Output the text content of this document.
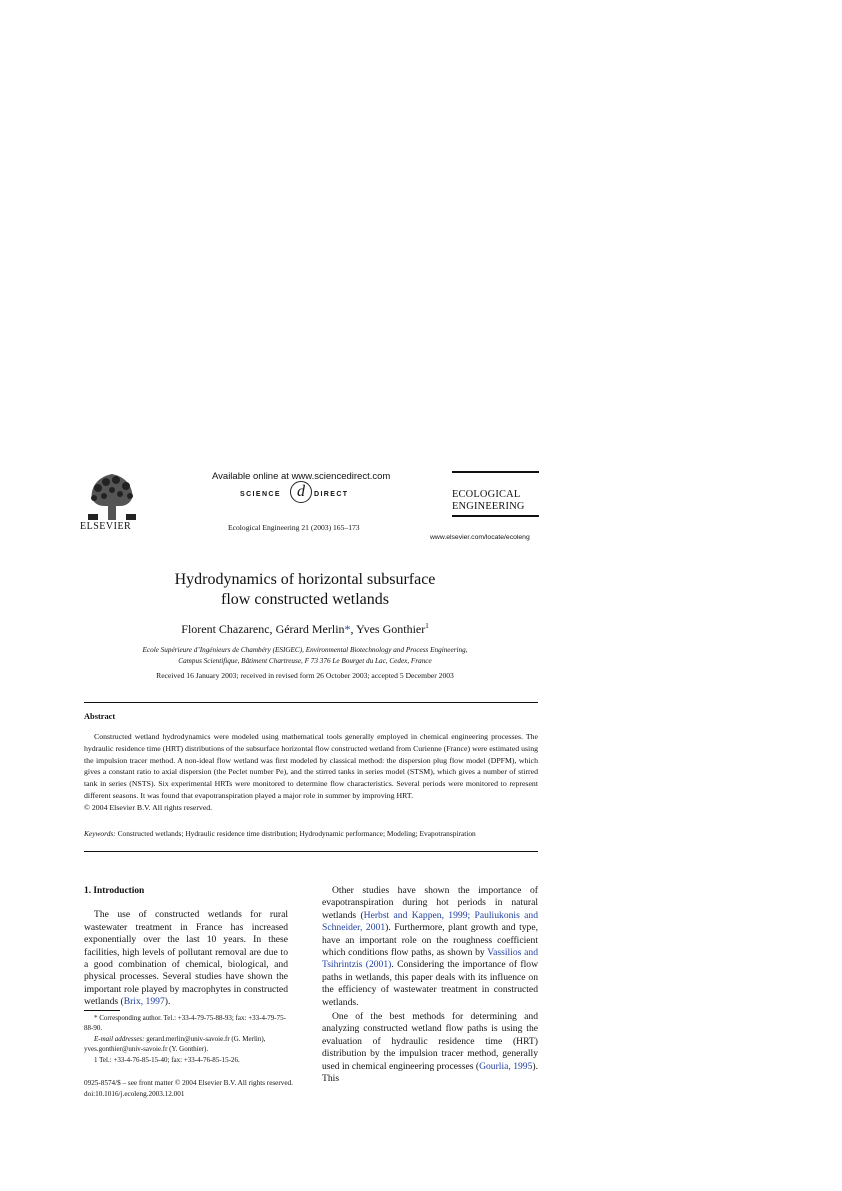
ELSEVIER
Available online at www.sciencedirect.com
SCIENCE	d	DIRECT
Ecological Engineering 21 (2003) 165–173
ECOLOGICAL
ENGINEERING
www.elsevier.com/locate/ecoleng
Hydrodynamics of horizontal subsurface
flow constructed wetlands
Florent Chazarenc, Gérard Merlin*, Yves Gonthier$^1$
Ecole Supérieure d’Ingénieurs de Chambéry (ESIGEC), Environmental Biotechnology and Process Engineering,
Campus Scientifique, Bâtiment Chartreuse, F 73 376 Le Bourget du Lac, Cedex, France
Received 16 January 2003; received in revised form 26 October 2003; accepted 5 December 2003
Abstract
Constructed wetland hydrodynamics were modeled using mathematical tools generally employed in chemical engineering processes. The hydraulic residence time (HRT) distributions of the subsurface horizontal flow constructed wetland from Curienne (France) were estimated using the impulsion tracer method. A non-ideal flow wetland was first modeled by classical method: the dispersion plug flow model (DPFM), which gives a constant ratio to axial dispersion (the Peclet number Pe), and the stirred tanks in series model (STSM), which gives a number of stirred tank in series (NSTS). Six experimental HRTs were monitored to determine flow characteristics. Several periods were monitored to represent different seasons. It was found that evapotranspiration played a major role in summer by improving HRT.
© 2004 Elsevier B.V. All rights reserved.
Keywords: Constructed wetlands; Hydraulic residence time distribution; Hydrodynamic performance; Modeling; Evapotranspiration
1. Introduction

The use of constructed wetlands for rural wastewater treatment in France has increased exponentially over the last 10 years. In these facilities, high levels of pollutant removal are due to a good combination of chemical, biological, and physical processes. Several studies have shown the important role played by macrophytes in constructed wetlands (Brix, 1997).

* Corresponding author. Tel.: +33-4-79-75-88-93; fax: +33-4-79-75-88-90.
E-mail addresses: gerard.merlin@univ-savoie.fr (G. Merlin), yves.gonthier@univ-savoie.fr (Y. Gonthier).
1 Tel.: +33-4-76-85-15-40; fax: +33-4-76-85-15-26.

Other studies have shown the importance of evapotranspiration during hot periods in natural wetlands (Herbst and Kappen, 1999; Pauliukonis and Schneider, 2001). Furthermore, plant growth and type, have an important role on the roughness coefficient which conditions flow paths, as shown by Vassilios and Tsihrintzis (2001). Considering the importance of flow paths in wetlands, this paper deals with its influence on the efficiency of wastewater treatment in constructed wetlands.

One of the best methods for determining and analyzing constructed wetland flow paths is using the evaluation of hydraulic residence time (HRT) distribution by the impulsion tracer method, generally used in chemical engineering processes (Gourlia, 1995). This

0925-8574/$ – see front matter © 2004 Elsevier B.V. All rights reserved.
doi:10.1016/j.ecoleng.2003.12.001
